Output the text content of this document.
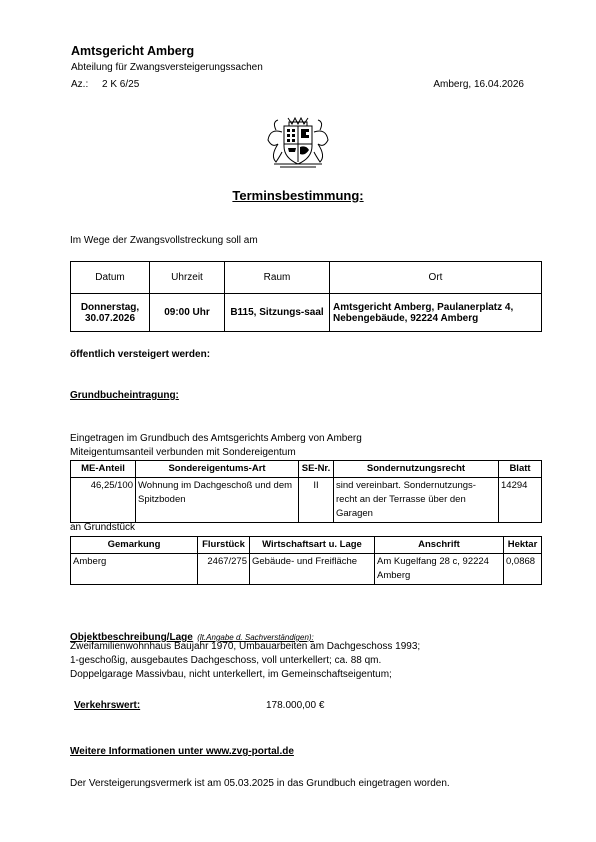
Amtsgericht Amberg
Abteilung für Zwangsversteigerungssachen
Az.: 2 K 6/25	Amberg, 16.04.2026
Terminsbestimmung:
Im Wege der Zwangsvollstreckung soll am
Datum	Uhrzeit	Raum	Ort
Donnerstag, 30.07.2026	09:00 Uhr	B115, Sitzungs-saal	Amtsgericht Amberg, Paulanerplatz 4, Nebengebäude, 92224 Amberg
öffentlich versteigert werden:
Grundbucheintragung:
Eingetragen im Grundbuch des Amtsgerichts Amberg von Amberg
Miteigentumsanteil verbunden mit Sondereigentum
ME-Anteil	Sondereigentums-Art	SE-Nr.	Sondernutzungsrecht	Blatt
46,25/100	Wohnung im Dachgeschoß und dem Spitzboden	II	sind vereinbart. Sondernutzungs-recht an der Terrasse über den Garagen	14294
an Grundstück
Gemarkung	Flurstück	Wirtschaftsart u. Lage	Anschrift	Hektar
Amberg	2467/275	Gebäude- und Freifläche	Am Kugelfang 28 c, 92224 Amberg	0,0868
Objektbeschreibung/Lage (lt.Angabe d. Sachverständigen):
Zweifamilienwohnhaus Baujahr 1970, Umbauarbeiten am Dachgeschoss 1993;
1-geschoßig, ausgebautes Dachgeschoss, voll unterkellert; ca. 88 qm.
Doppelgarage Massivbau, nicht unterkellert, im Gemeinschaftseigentum;
Verkehrswert:	178.000,00 €
Weitere Informationen unter www.zvg-portal.de
Der Versteigerungsvermerk ist am 05.03.2025 in das Grundbuch eingetragen worden.
